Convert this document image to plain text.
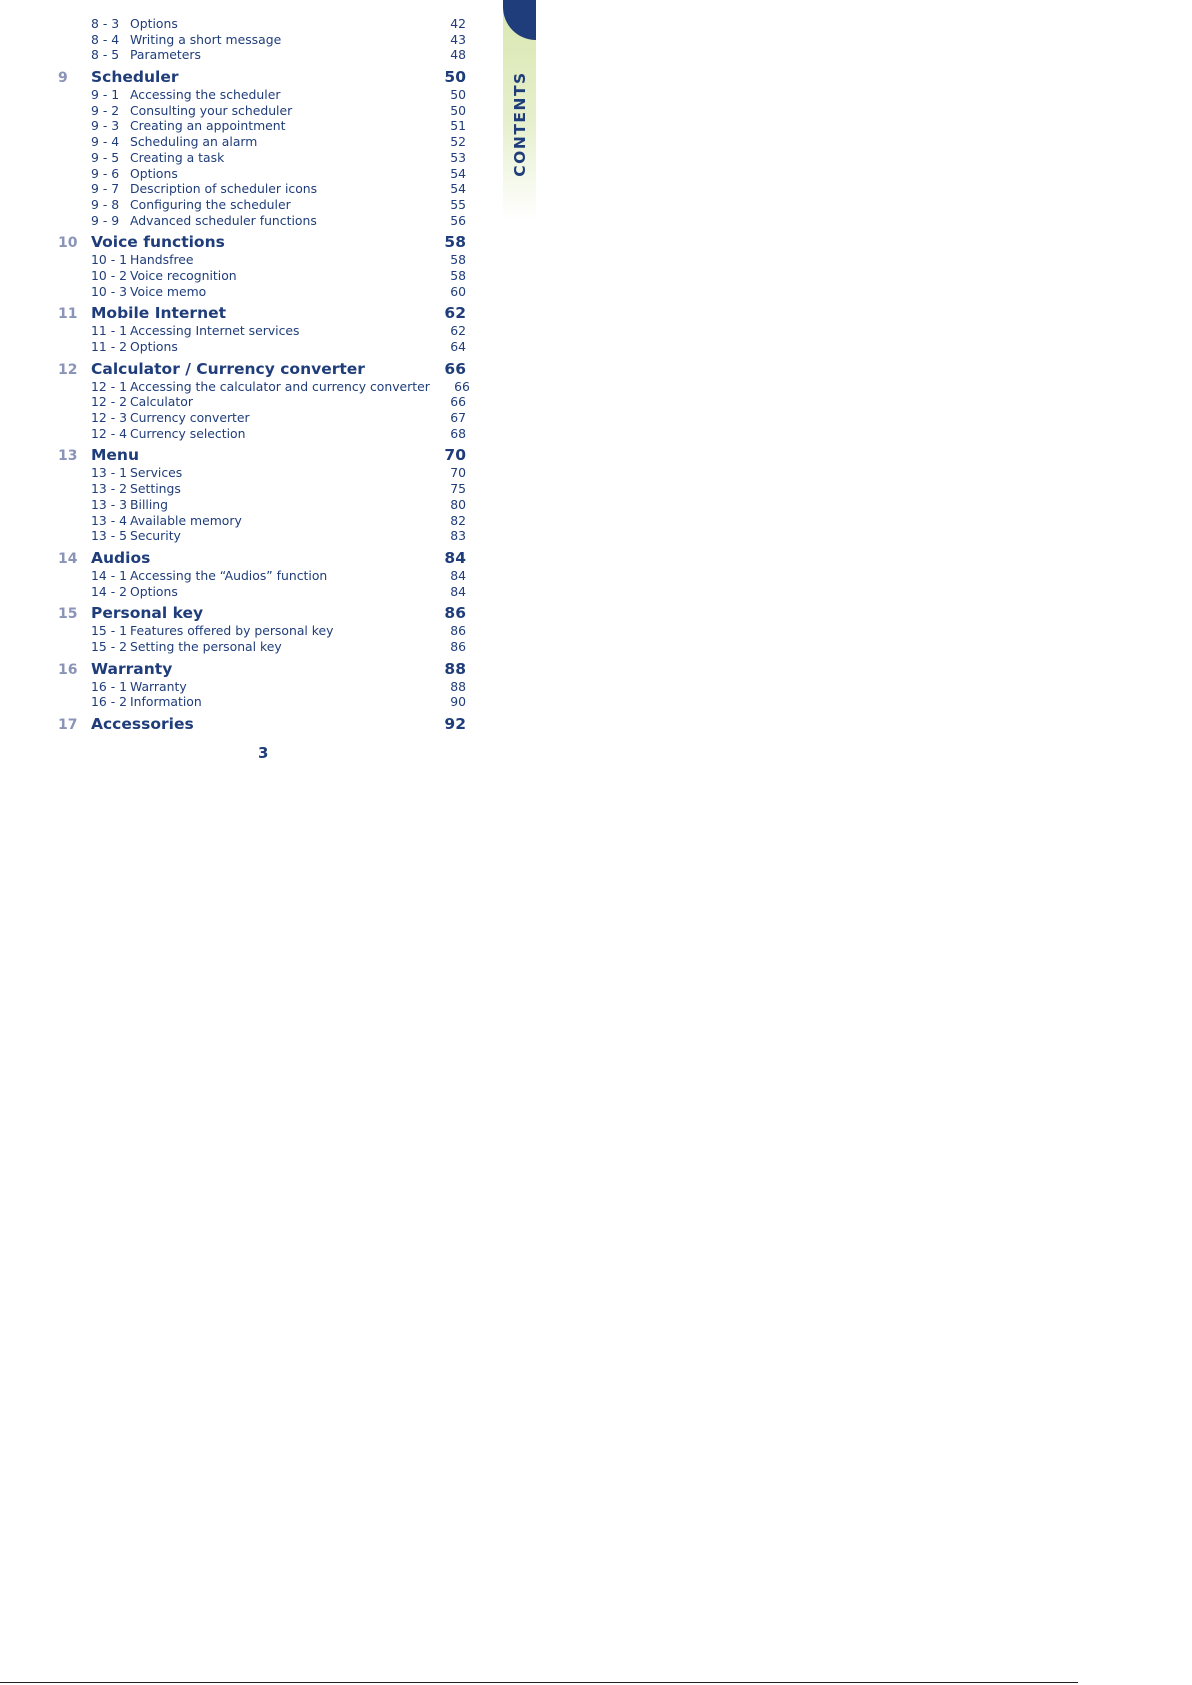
8 - 3 Options	42
8 - 4 Writing a short message	43
8 - 5 Parameters	48
9	Scheduler	50
9 - 1 Accessing the scheduler	50
9 - 2 Consulting your scheduler	50
9 - 3 Creating an appointment	51
9 - 4 Scheduling an alarm	52
9 - 5 Creating a task	53
9 - 6 Options	54
9 - 7 Description of scheduler icons	54
9 - 8 Configuring the scheduler	55
9 - 9 Advanced scheduler functions	56
10 Voice functions	58
10 - 1 Handsfree	58
10 - 2 Voice recognition	58
10 - 3 Voice memo	60
11 Mobile Internet	62
11 - 1 Accessing Internet services	62
11 - 2 Options	64
12 Calculator / Currency converter	66
12 - 1 Accessing the calculator and currency converter	66
12 - 2 Calculator	66
12 - 3 Currency converter	67
12 - 4 Currency selection	68
13 Menu	70
13 - 1 Services	70
13 - 2 Settings	75
13 - 3 Billing	80
13 - 4 Available memory	82
13 - 5 Security	83
14 Audios	84
14 - 1 Accessing the “Audios” function	84
14 - 2 Options	84
15 Personal key	86
15 - 1 Features offered by personal key	86
15 - 2 Setting the personal key	86
16 Warranty	88
16 - 1 Warranty	88
16 - 2 Information	90
17 Accessories	92
CONTENTS
3
